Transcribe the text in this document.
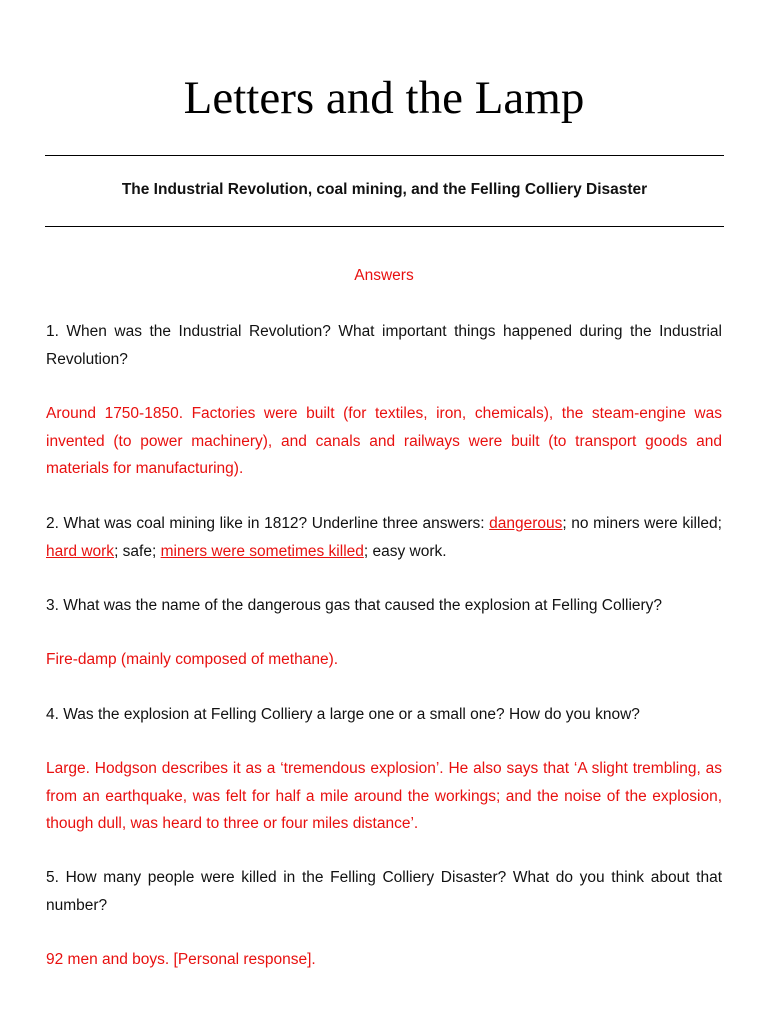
Letters and the Lamp

The Industrial Revolution, coal mining, and the Felling Colliery Disaster

Answers

1. When was the Industrial Revolution? What important things happened during the Industrial Revolution?

Around 1750-1850. Factories were built (for textiles, iron, chemicals), the steam-engine was invented (to power machinery), and canals and railways were built (to transport goods and materials for manufacturing).

2. What was coal mining like in 1812? Underline three answers: dangerous; no miners were killed; hard work; safe; miners were sometimes killed; easy work.

3. What was the name of the dangerous gas that caused the explosion at Felling Colliery?

Fire-damp (mainly composed of methane).

4. Was the explosion at Felling Colliery a large one or a small one? How do you know?

Large. Hodgson describes it as a ‘tremendous explosion’. He also says that ‘A slight trembling, as from an earthquake, was felt for half a mile around the workings; and the noise of the explosion, though dull, was heard to three or four miles distance’.

5. How many people were killed in the Felling Colliery Disaster? What do you think about that number?

92 men and boys. [Personal response].
